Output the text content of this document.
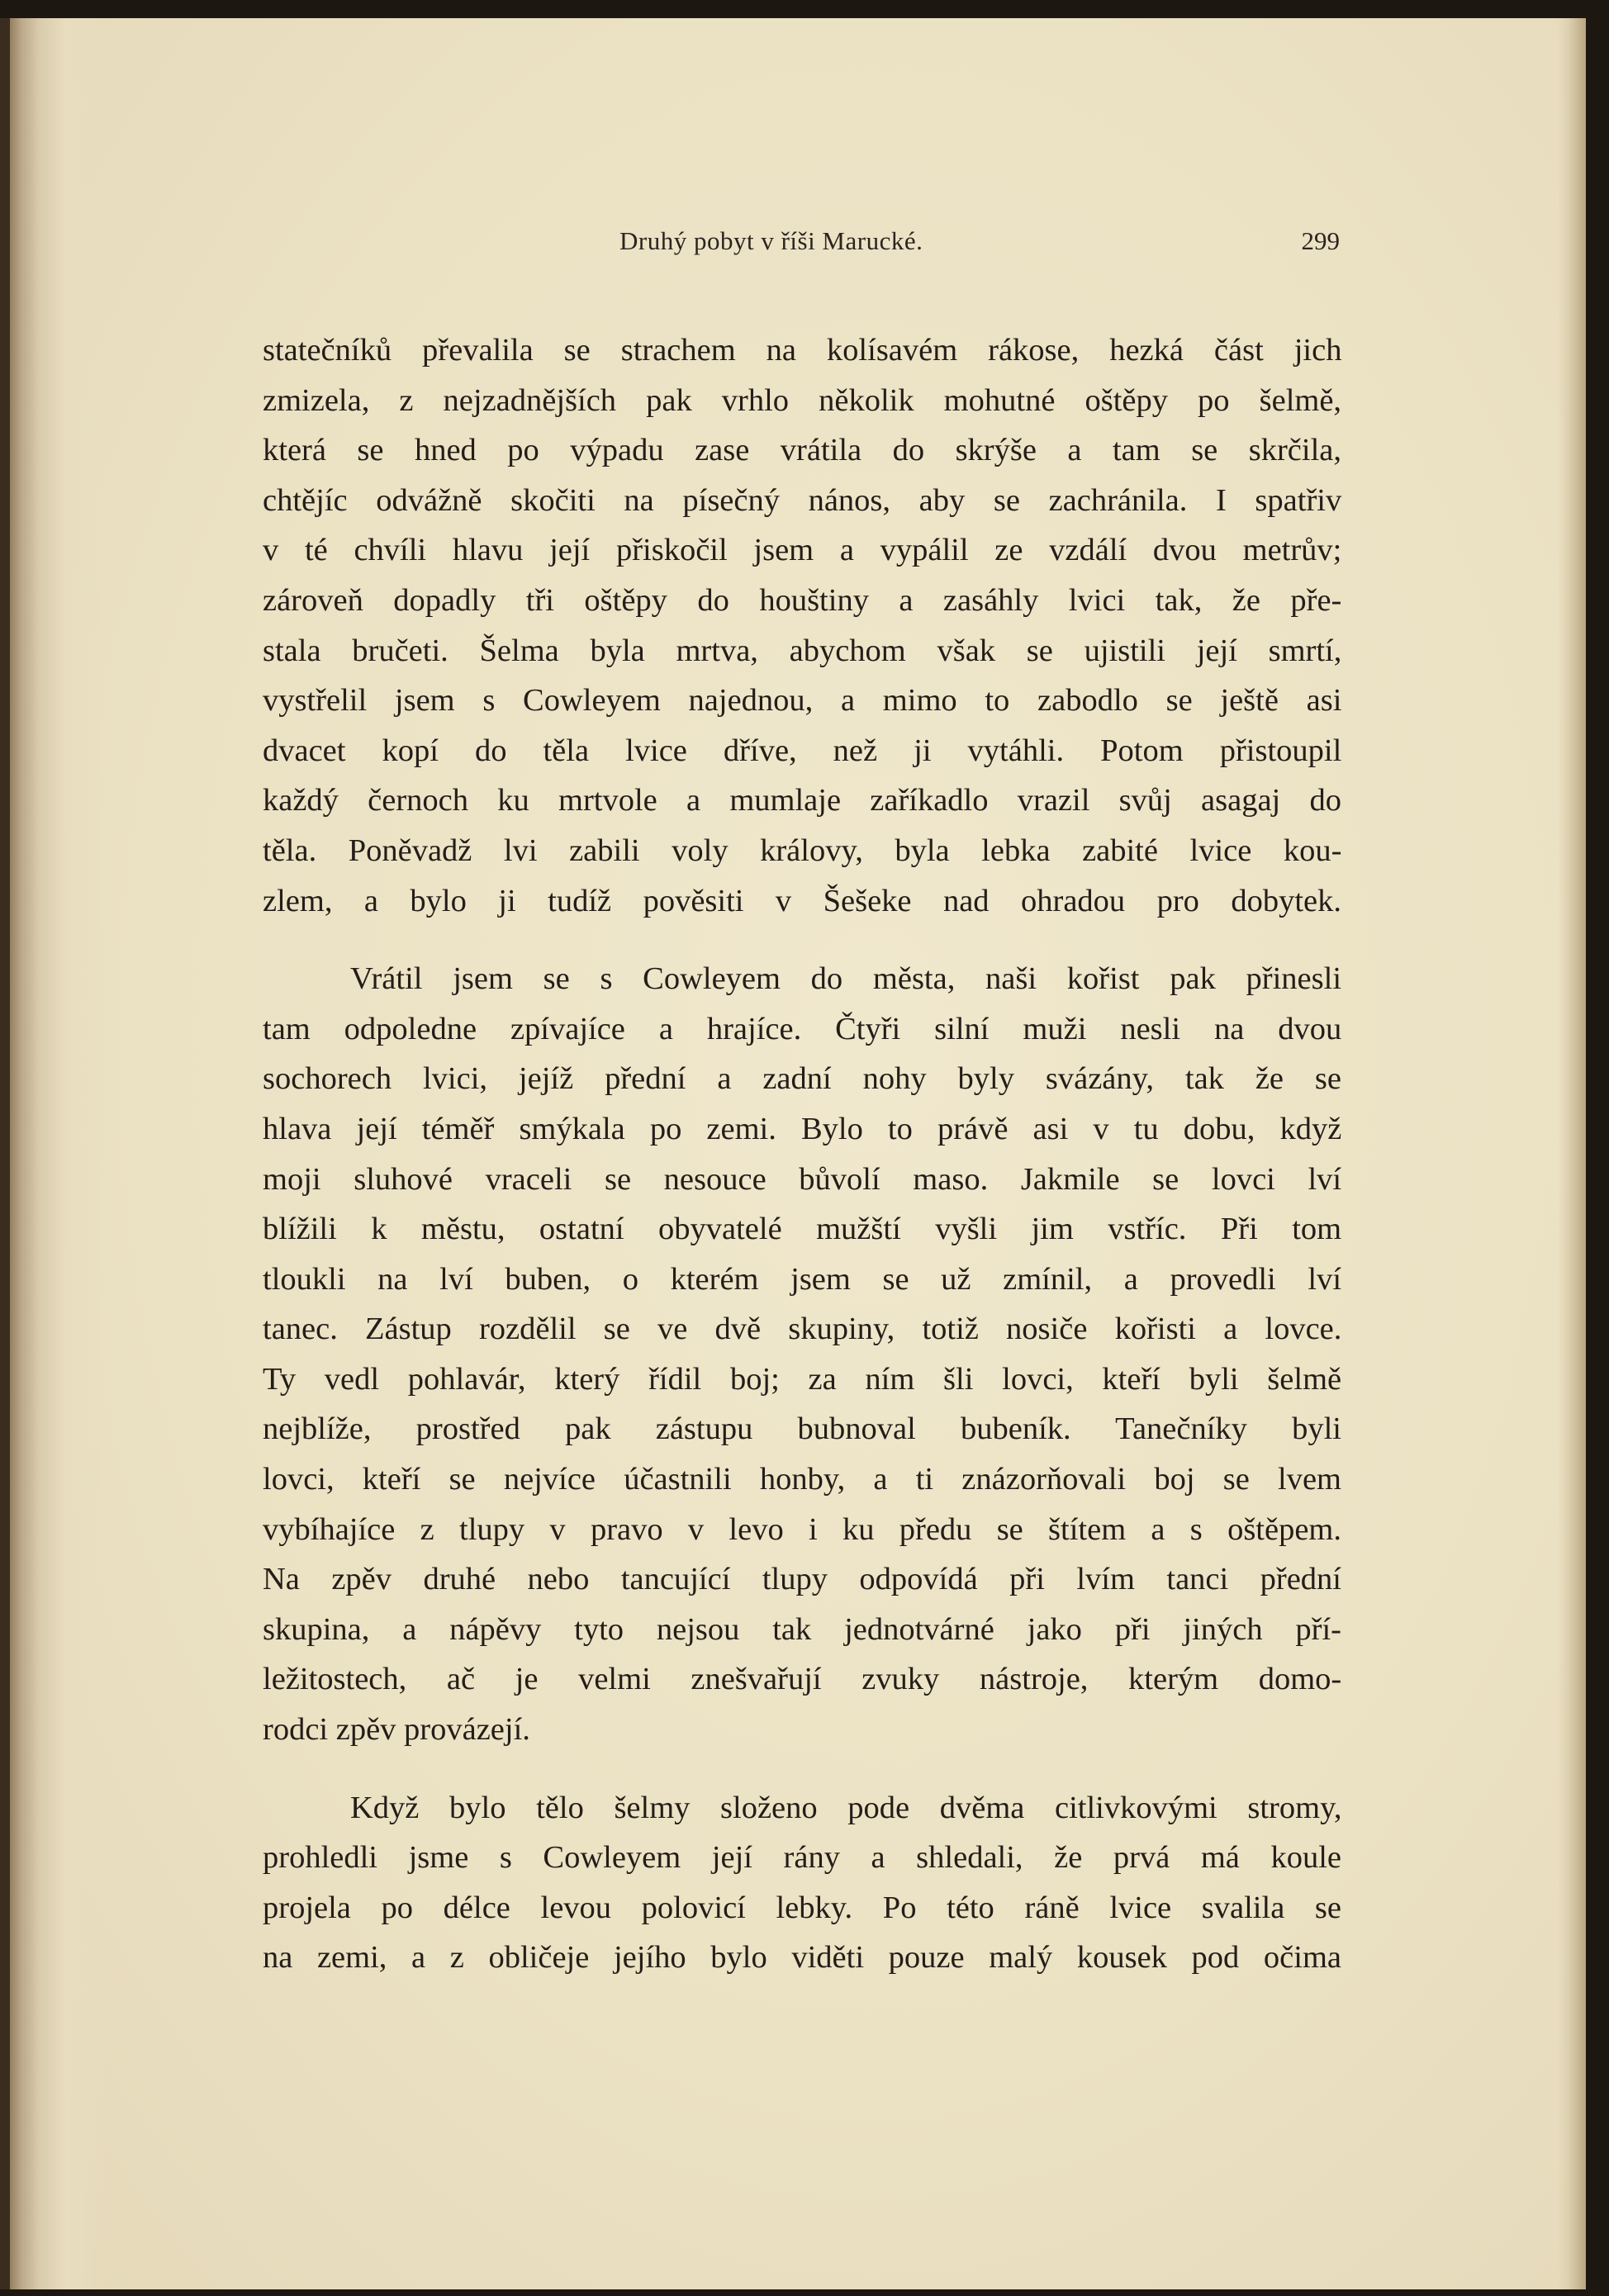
Druhý pobyt v říši Marucké.	299

statečníků převalila se strachem na kolísavém rákose, hezká část jich
zmizela, z nejzadnějších pak vrhlo několik mohutné oštěpy po šelmě,
která se hned po výpadu zase vrátila do skrýše a tam se skrčila,
chtějíc odvážně skočiti na písečný nános, aby se zachránila. I spatřiv
v té chvíli hlavu její přiskočil jsem a vypálil ze vzdálí dvou metrův;
zároveň dopadly tři oštěpy do houštiny a zasáhly lvici tak, že pře-
stala bručeti. Šelma byla mrtva, abychom však se ujistili její smrtí,
vystřelil jsem s Cowleyem najednou, a mimo to zabodlo se ještě asi
dvacet kopí do těla lvice dříve, než ji vytáhli. Potom přistoupil
každý černoch ku mrtvole a mumlaje zaříkadlo vrazil svůj asagaj do
těla. Poněvadž lvi zabili voly královy, byla lebka zabité lvice kou-
zlem, a bylo ji tudíž pověsiti v Šešeke nad ohradou pro dobytek.

Vrátil jsem se s Cowleyem do města, naši kořist pak přinesli
tam odpoledne zpívajíce a hrajíce. Čtyři silní muži nesli na dvou
sochorech lvici, jejíž přední a zadní nohy byly svázány, tak že se
hlava její téměř smýkala po zemi. Bylo to právě asi v tu dobu, když
moji sluhové vraceli se nesouce bůvolí maso. Jakmile se lovci lví
blížili k městu, ostatní obyvatelé mužští vyšli jim vstříc. Při tom
tloukli na lví buben, o kterém jsem se už zmínil, a provedli lví
tanec. Zástup rozdělil se ve dvě skupiny, totiž nosiče kořisti a lovce.
Ty vedl pohlavár, který řídil boj; za ním šli lovci, kteří byli šelmě
nejblíže, prostřed pak zástupu bubnoval bubeník. Tanečníky byli
lovci, kteří se nejvíce účastnili honby, a ti znázorňovali boj se lvem
vybíhajíce z tlupy v pravo v levo i ku předu se štítem a s oštěpem.
Na zpěv druhé nebo tancující tlupy odpovídá při lvím tanci přední
skupina, a nápěvy tyto nejsou tak jednotvárné jako při jiných pří-
ležitostech, ač je velmi znešvařují zvuky nástroje, kterým domo-
rodci zpěv provázejí.

Když bylo tělo šelmy složeno pode dvěma citlivkovými stromy,
prohledli jsme s Cowleyem její rány a shledali, že prvá má koule
projela po délce levou polovicí lebky. Po této ráně lvice svalila se
na zemi, a z obličeje jejího bylo viděti pouze malý kousek pod očima
